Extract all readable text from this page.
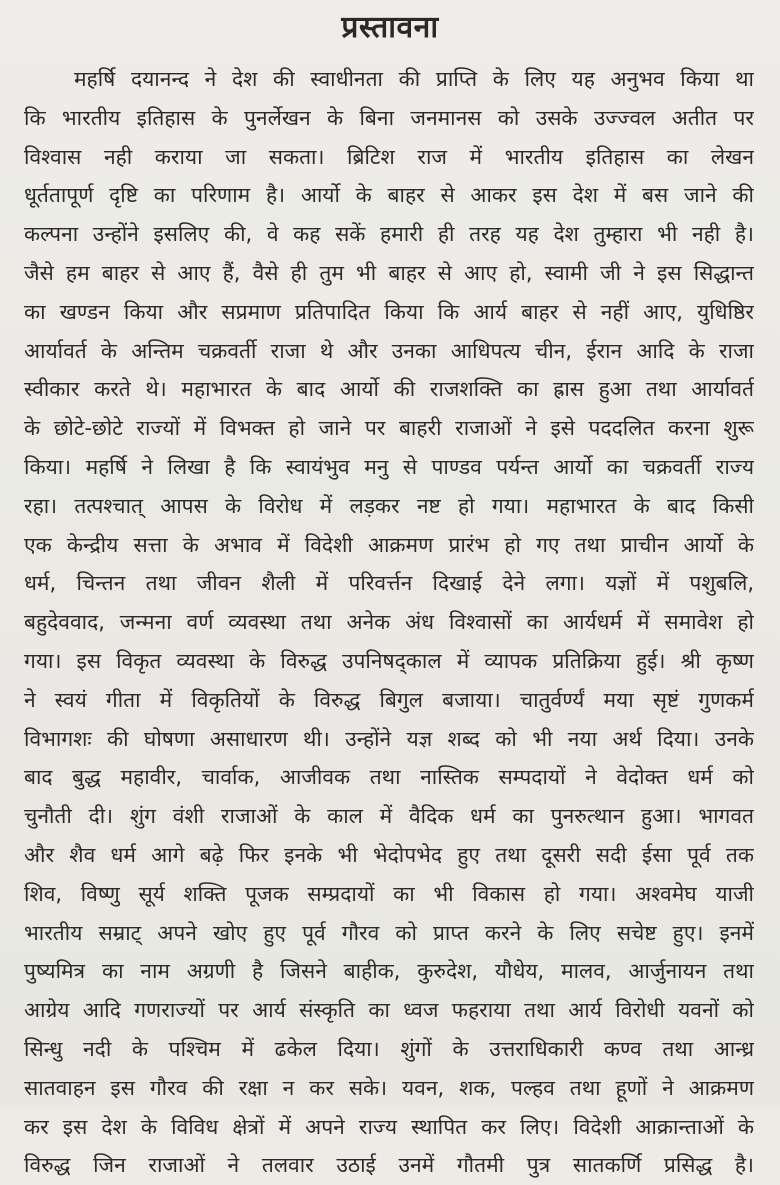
प्रस्तावना
महर्षि दयानन्द ने देश की स्वाधीनता की प्राप्ति के लिए यह अनुभव किया था
कि भारतीय इतिहास के पुनर्लेखन के बिना जनमानस को उसके उज्ज्वल अतीत पर
विश्वास नही कराया जा सकता। ब्रिटिश राज में भारतीय इतिहास का लेखन
धूर्ततापूर्ण दृष्टि का परिणाम है। आर्यो के बाहर से आकर इस देश में बस जाने की
कल्पना उन्होंने इसलिए की, वे कह सकें हमारी ही तरह यह देश तुम्हारा भी नही है।
जैसे हम बाहर से आए हैं, वैसे ही तुम भी बाहर से आए हो, स्वामी जी ने इस सिद्धान्त
का खण्डन किया और सप्रमाण प्रतिपादित किया कि आर्य बाहर से नहीं आए, युधिष्ठिर
आर्यावर्त के अन्तिम चक्रवर्ती राजा थे और उनका आधिपत्य चीन, ईरान आदि के राजा
स्वीकार करते थे। महाभारत के बाद आर्यो की राजशक्ति का ह्रास हुआ तथा आर्यावर्त
के छोटे-छोटे राज्यों में विभक्त हो जाने पर बाहरी राजाओं ने इसे पददलित करना शुरू
किया। महर्षि ने लिखा है कि स्वायंभुव मनु से पाण्डव पर्यन्त आर्यो का चक्रवर्ती राज्य
रहा। तत्पश्चात् आपस के विरोध में लड़कर नष्ट हो गया। महाभारत के बाद किसी
एक केन्द्रीय सत्ता के अभाव में विदेशी आक्रमण प्रारंभ हो गए तथा प्राचीन आर्यो के
धर्म, चिन्तन तथा जीवन शैली में परिवर्त्तन दिखाई देने लगा। यज्ञों में पशुबलि,
बहुदेववाद, जन्मना वर्ण व्यवस्था तथा अनेक अंध विश्वासों का आर्यधर्म में समावेश हो
गया। इस विकृत व्यवस्था के विरुद्ध उपनिषद्काल में व्यापक प्रतिक्रिया हुई। श्री कृष्ण
ने स्वयं गीता में विकृतियों के विरुद्ध बिगुल बजाया। चातुर्वर्ण्यं मया सृष्टं गुणकर्म
विभागशः की घोषणा असाधारण थी। उन्होंने यज्ञ शब्द को भी नया अर्थ दिया। उनके
बाद बुद्ध महावीर, चार्वाक, आजीवक तथा नास्तिक सम्पदायों ने वेदोक्त धर्म को
चुनौती दी। शुंग वंशी राजाओं के काल में वैदिक धर्म का पुनरुत्थान हुआ। भागवत
और शैव धर्म आगे बढ़े फिर इनके भी भेदोपभेद हुए तथा दूसरी सदी ईसा पूर्व तक
शिव, विष्णु सूर्य शक्ति पूजक सम्प्रदायों का भी विकास हो गया। अश्वमेघ याजी
भारतीय सम्राट् अपने खोए हुए पूर्व गौरव को प्राप्त करने के लिए सचेष्ट हुए। इनमें
पुष्यमित्र का नाम अग्रणी है जिसने बाहीक, कुरुदेश, यौधेय, मालव, आर्जुनायन तथा
आग्रेय आदि गणराज्यों पर आर्य संस्कृति का ध्वज फहराया तथा आर्य विरोधी यवनों को
सिन्धु नदी के पश्चिम में ढकेल दिया। शुंगों के उत्तराधिकारी कण्व तथा आन्ध्र
सातवाहन इस गौरव की रक्षा न कर सके। यवन, शक, पल्हव तथा हूणों ने आक्रमण
कर इस देश के विविध क्षेत्रों में अपने राज्य स्थापित कर लिए। विदेशी आक्रान्ताओं के
विरुद्ध जिन राजाओं ने तलवार उठाई उनमें गौतमी पुत्र सातकर्णि प्रसिद्ध है।
